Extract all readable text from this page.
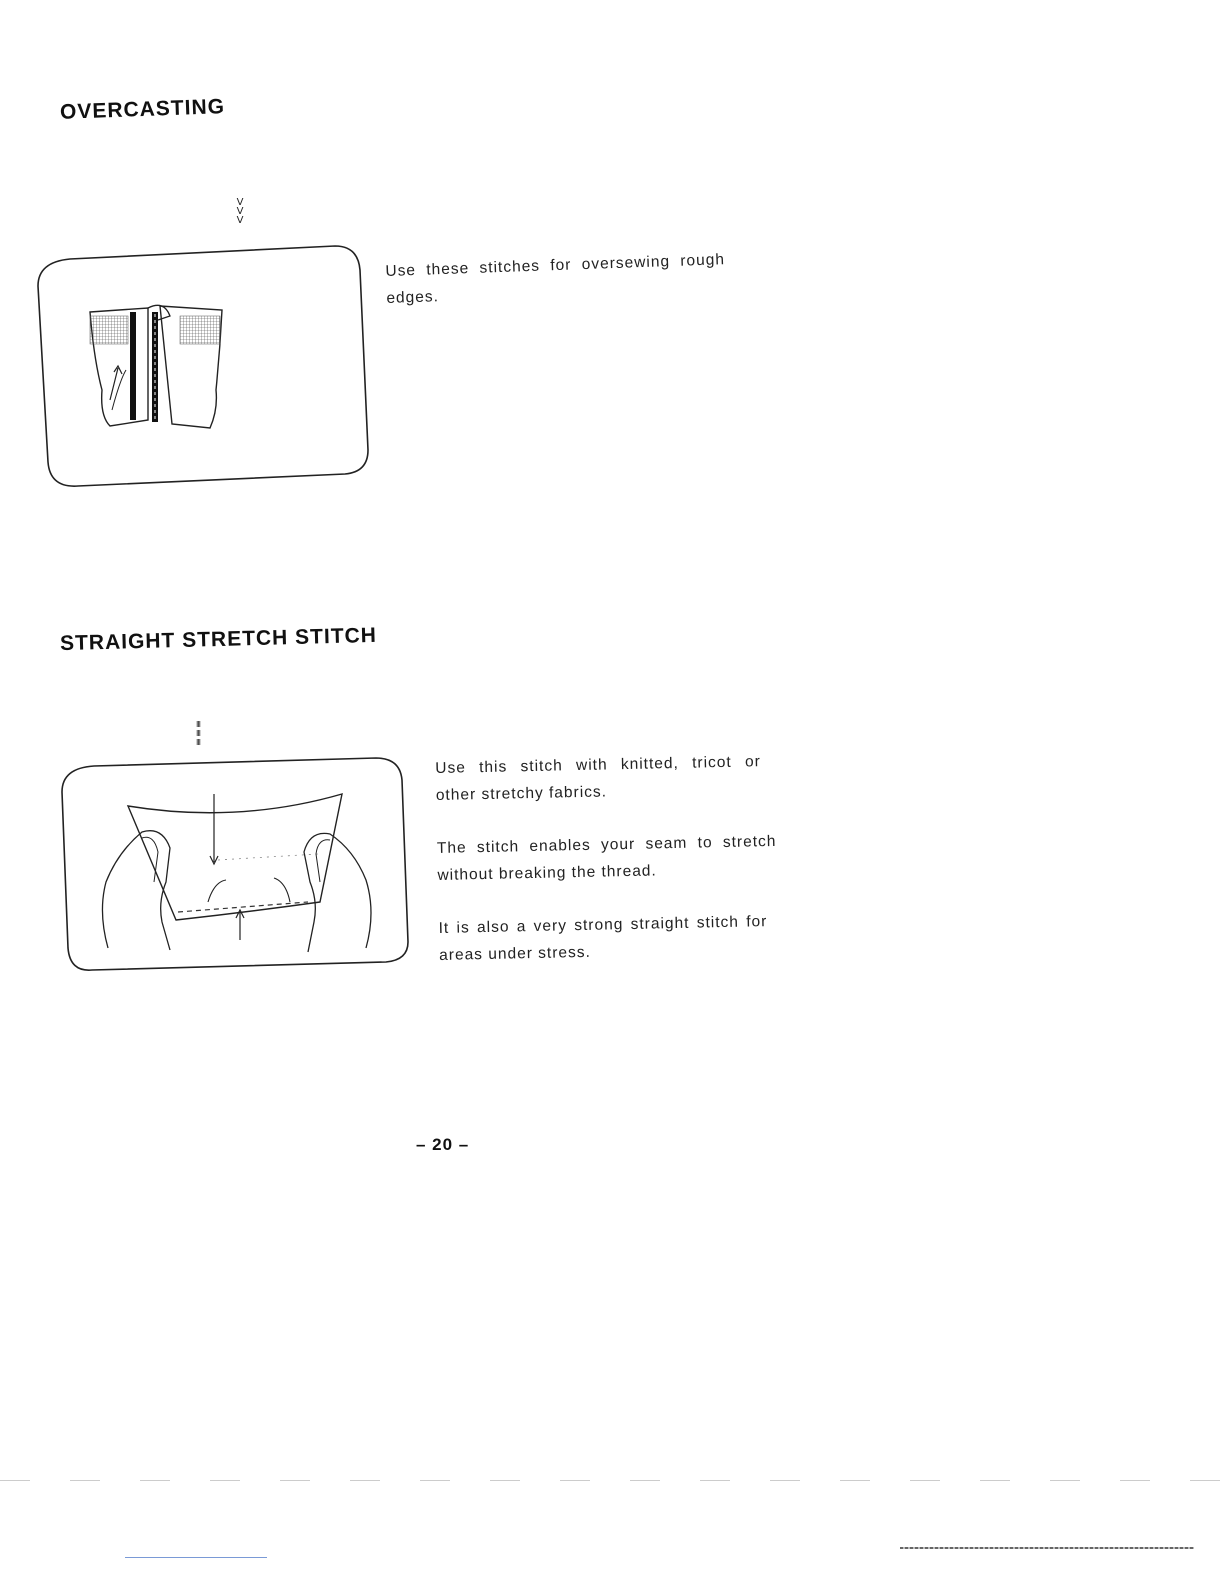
OVERCASTING
V
V
V
Use these stitches for oversewing rough
edges.
STRAIGHT STRETCH STITCH
III
III
III
Use this stitch with knitted, tricot or
other stretchy fabrics.
The stitch enables your seam to stretch
without breaking the thread.
It is also a very strong straight stitch for
areas under stress.
– 20 –
